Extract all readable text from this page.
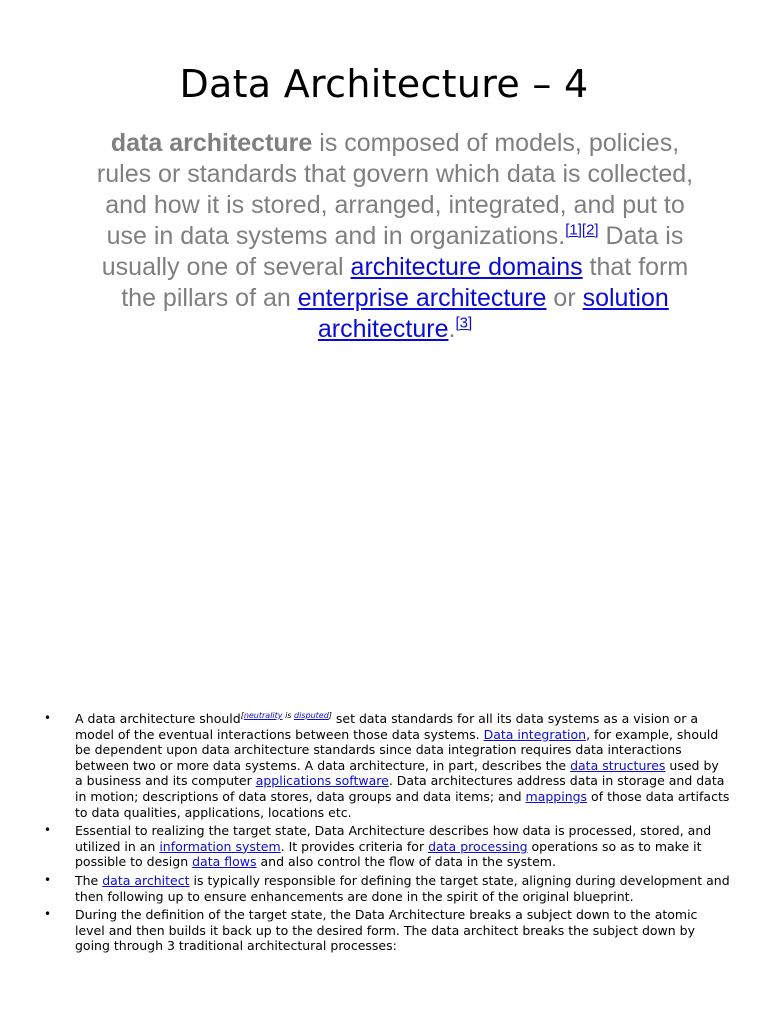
Data Architecture – 4
data architecture is composed of models, policies, rules or standards that govern which data is collected, and how it is stored, arranged, integrated, and put to use in data systems and in organizations.[1][2] Data is usually one of several architecture domains that form the pillars of an enterprise architecture or solution architecture.[3]
• A data architecture should[neutrality is disputed] set data standards for all its data systems as a vision or a model of the eventual interactions between those data systems. Data integration, for example, should be dependent upon data architecture standards since data integration requires data interactions between two or more data systems. A data architecture, in part, describes the data structures used by a business and its computer applications software. Data architectures address data in storage and data in motion; descriptions of data stores, data groups and data items; and mappings of those data artifacts to data qualities, applications, locations etc.
• Essential to realizing the target state, Data Architecture describes how data is processed, stored, and utilized in an information system. It provides criteria for data processing operations so as to make it possible to design data flows and also control the flow of data in the system.
• The data architect is typically responsible for defining the target state, aligning during development and then following up to ensure enhancements are done in the spirit of the original blueprint.
• During the definition of the target state, the Data Architecture breaks a subject down to the atomic level and then builds it back up to the desired form. The data architect breaks the subject down by going through 3 traditional architectural processes:
